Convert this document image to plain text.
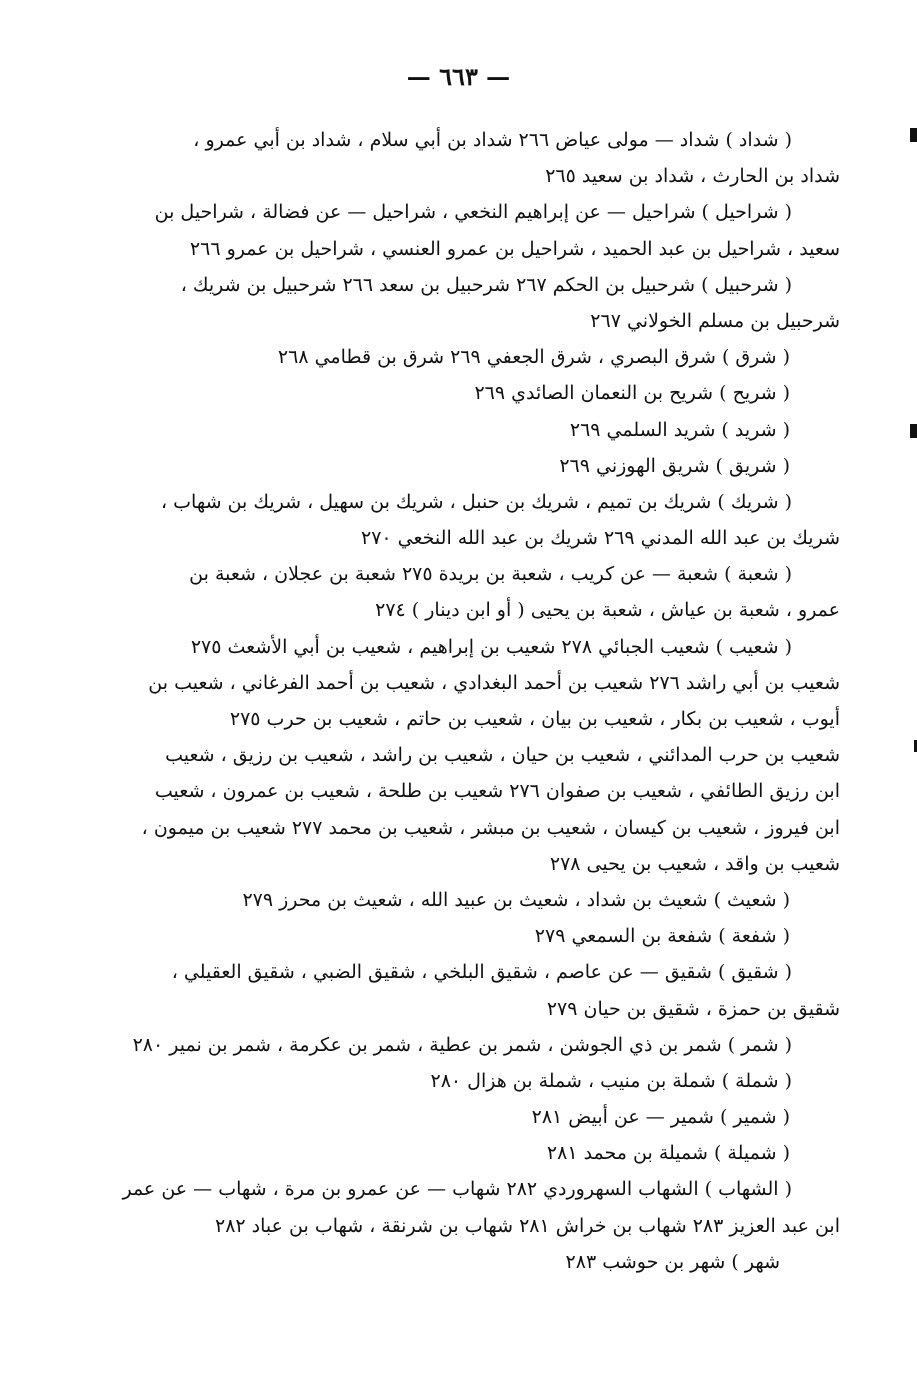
— ٦٦٣ —
( شداد ) شداد — مولى عياض ٢٦٦ شداد بن أبي سلام ، شداد بن أبي عمرو ،
شداد بن الحارث ، شداد بن سعيد ٢٦٥
( شراحيل ) شراحيل — عن إبراهيم النخعي ، شراحيل — عن فضالة ، شراحيل بن
سعيد ، شراحيل بن عبد الحميد ، شراحيل بن عمرو العنسي ، شراحيل بن عمرو ٢٦٦
( شرحبيل ) شرحبيل بن الحكم ٢٦٧ شرحبيل بن سعد ٢٦٦ شرحبيل بن شريك ،
شرحبيل بن مسلم الخولاني ٢٦٧
( شرق ) شرق البصري ، شرق الجعفي ٢٦٩ شرق بن قطامي ٢٦٨
( شريح ) شريح بن النعمان الصائدي ٢٦٩
( شريد ) شريد السلمي ٢٦٩
( شريق ) شريق الهوزني ٢٦٩
( شريك ) شريك بن تميم ، شريك بن حنبل ، شريك بن سهيل ، شريك بن شهاب ،
شريك بن عبد الله المدني ٢٦٩ شريك بن عبد الله النخعي ٢٧٠
( شعبة ) شعبة — عن كريب ، شعبة بن بريدة ٢٧٥ شعبة بن عجلان ، شعبة بن
عمرو ، شعبة بن عياش ، شعبة بن يحيى ( أو ابن دينار ) ٢٧٤
( شعيب ) شعيب الجبائي ٢٧٨ شعيب بن إبراهيم ، شعيب بن أبي الأشعث ٢٧٥
شعيب بن أبي راشد ٢٧٦ شعيب بن أحمد البغدادي ، شعيب بن أحمد الفرغاني ، شعيب بن
أيوب ، شعيب بن بكار ، شعيب بن بيان ، شعيب بن حاتم ، شعيب بن حرب ٢٧٥
شعيب بن حرب المدائني ، شعيب بن حيان ، شعيب بن راشد ، شعيب بن رزيق ، شعيب
ابن رزيق الطائفي ، شعيب بن صفوان ٢٧٦ شعيب بن طلحة ، شعيب بن عمرون ، شعيب
ابن فيروز ، شعيب بن كيسان ، شعيب بن مبشر ، شعيب بن محمد ٢٧٧ شعيب بن ميمون ،
شعيب بن واقد ، شعيب بن يحيى ٢٧٨
( شعيث ) شعيث بن شداد ، شعيث بن عبيد الله ، شعيث بن محرز ٢٧٩
( شفعة ) شفعة بن السمعي ٢٧٩
( شقيق ) شقيق — عن عاصم ، شقيق البلخي ، شقيق الضبي ، شقيق العقيلي ،
شقيق بن حمزة ، شقيق بن حيان ٢٧٩
( شمر ) شمر بن ذي الجوشن ، شمر بن عطية ، شمر بن عكرمة ، شمر بن نمير ٢٨٠
( شملة ) شملة بن منيب ، شملة بن هزال ٢٨٠
( شمير ) شمير — عن أبيض ٢٨١
( شميلة ) شميلة بن محمد ٢٨١
( الشهاب ) الشهاب السهروردي ٢٨٢ شهاب — عن عمرو بن مرة ، شهاب — عن عمر
ابن عبد العزيز ٢٨٣ شهاب بن خراش ٢٨١ شهاب بن شرنقة ، شهاب بن عباد ٢٨٢
شهر ) شهر بن حوشب ٢٨٣
